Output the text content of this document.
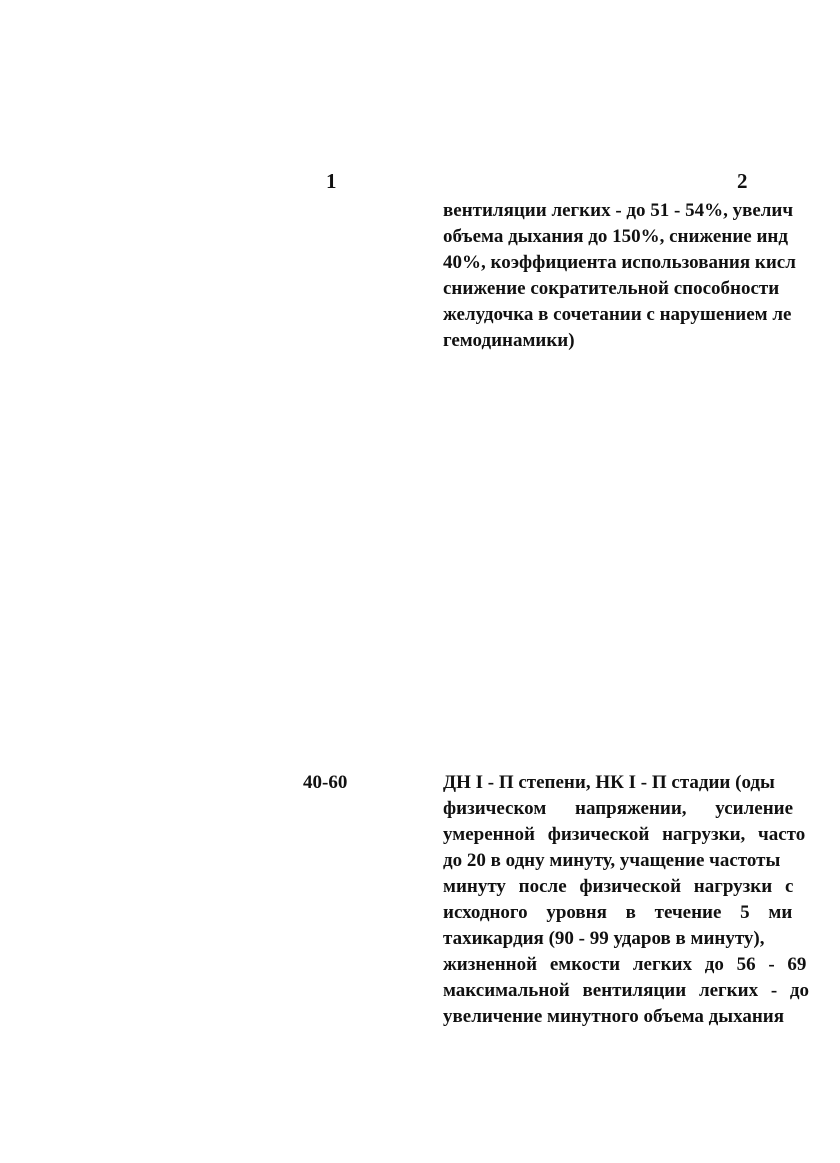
1	2
вентиляции легких - до 51 - 54%, увелич
объема дыхания до 150%, снижение инд
40%, коэффициента использования кисл
снижение сократительной способности
желудочка в сочетании с нарушением ле
гемодинамики)
40-60	ДН I - П степени, НК I - П стадии (оды
физическом напряжении, усиление
умеренной физической нагрузки, часто
до 20 в одну минуту, учащение частоты
минуту после физической нагрузки с
исходного уровня в течение 5 ми
тахикардия (90 - 99 ударов в минуту),
жизненной емкости легких до 56 - 69
максимальной вентиляции легких - до
увеличение минутного объема дыхания
